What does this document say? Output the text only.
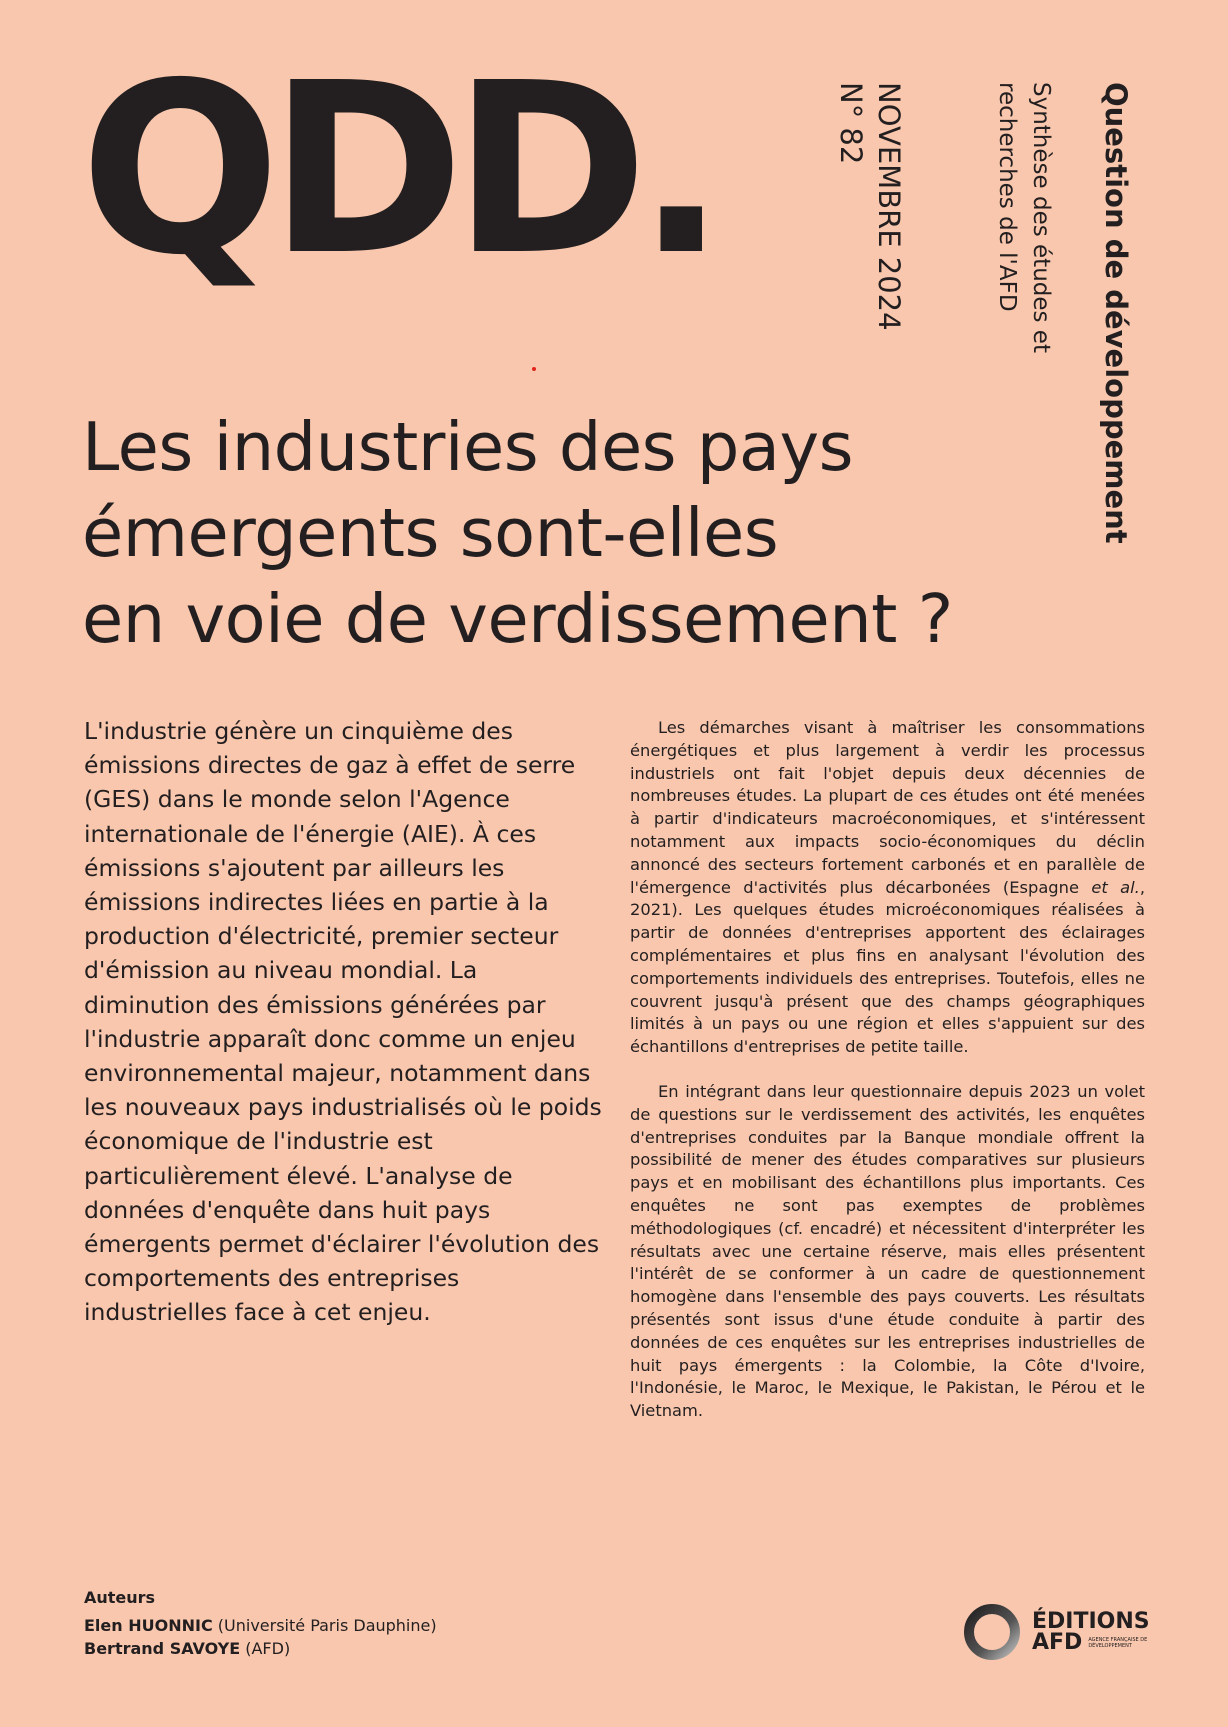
QDD.	Question de développement
Synthèse des études et recherches de l'AFD
NOVEMBRE 2024
N° 82
Les industries des pays
émergents sont-elles
en voie de verdissement ?

L'industrie génère un cinquième des émissions directes de gaz à effet de serre (GES) dans le monde selon l'Agence internationale de l'énergie (AIE). À ces émissions s'ajoutent par ailleurs les émissions indirectes liées en partie à la production d'électricité, premier secteur d'émission au niveau mondial. La diminution des émissions générées par l'industrie apparaît donc comme un enjeu environnemental majeur, notamment dans les nouveaux pays industrialisés où le poids économique de l'industrie est particulièrement élevé. L'analyse de données d'enquête dans huit pays émergents permet d'éclairer l'évolution des comportements des entreprises industrielles face à cet enjeu.

Les démarches visant à maîtriser les consommations énergétiques et plus largement à verdir les processus industriels ont fait l'objet depuis deux décennies de nombreuses études. La plupart de ces études ont été menées à partir d'indicateurs macroéconomiques, et s'intéressent notamment aux impacts socio-économiques du déclin annoncé des secteurs fortement carbonés et en parallèle de l'émergence d'activités plus décarbonées (Espagne et al., 2021). Les quelques études microéconomiques réalisées à partir de données d'entreprises apportent des éclairages complémentaires et plus fins en analysant l'évolution des comportements individuels des entreprises. Toutefois, elles ne couvrent jusqu'à présent que des champs géographiques limités à un pays ou une région et elles s'appuient sur des échantillons d'entreprises de petite taille.

En intégrant dans leur questionnaire depuis 2023 un volet de questions sur le verdissement des activités, les enquêtes d'entreprises conduites par la Banque mondiale offrent la possibilité de mener des études comparatives sur plusieurs pays et en mobilisant des échantillons plus importants. Ces enquêtes ne sont pas exemptes de problèmes méthodologiques (cf. encadré) et nécessitent d'interpréter les résultats avec une certaine réserve, mais elles présentent l'intérêt de se conformer à un cadre de questionnement homogène dans l'ensemble des pays couverts. Les résultats présentés sont issus d'une étude conduite à partir des données de ces enquêtes sur les entreprises industrielles de huit pays émergents : la Colombie, la Côte d'Ivoire, l'Indonésie, le Maroc, le Mexique, le Pakistan, le Pérou et le Vietnam.

Auteurs
Elen HUONNIC (Université Paris Dauphine)
Bertrand SAVOYE (AFD)
ÉDITIONS
AFD AGENCE FRANÇAISE DE DÉVELOPPEMENT
